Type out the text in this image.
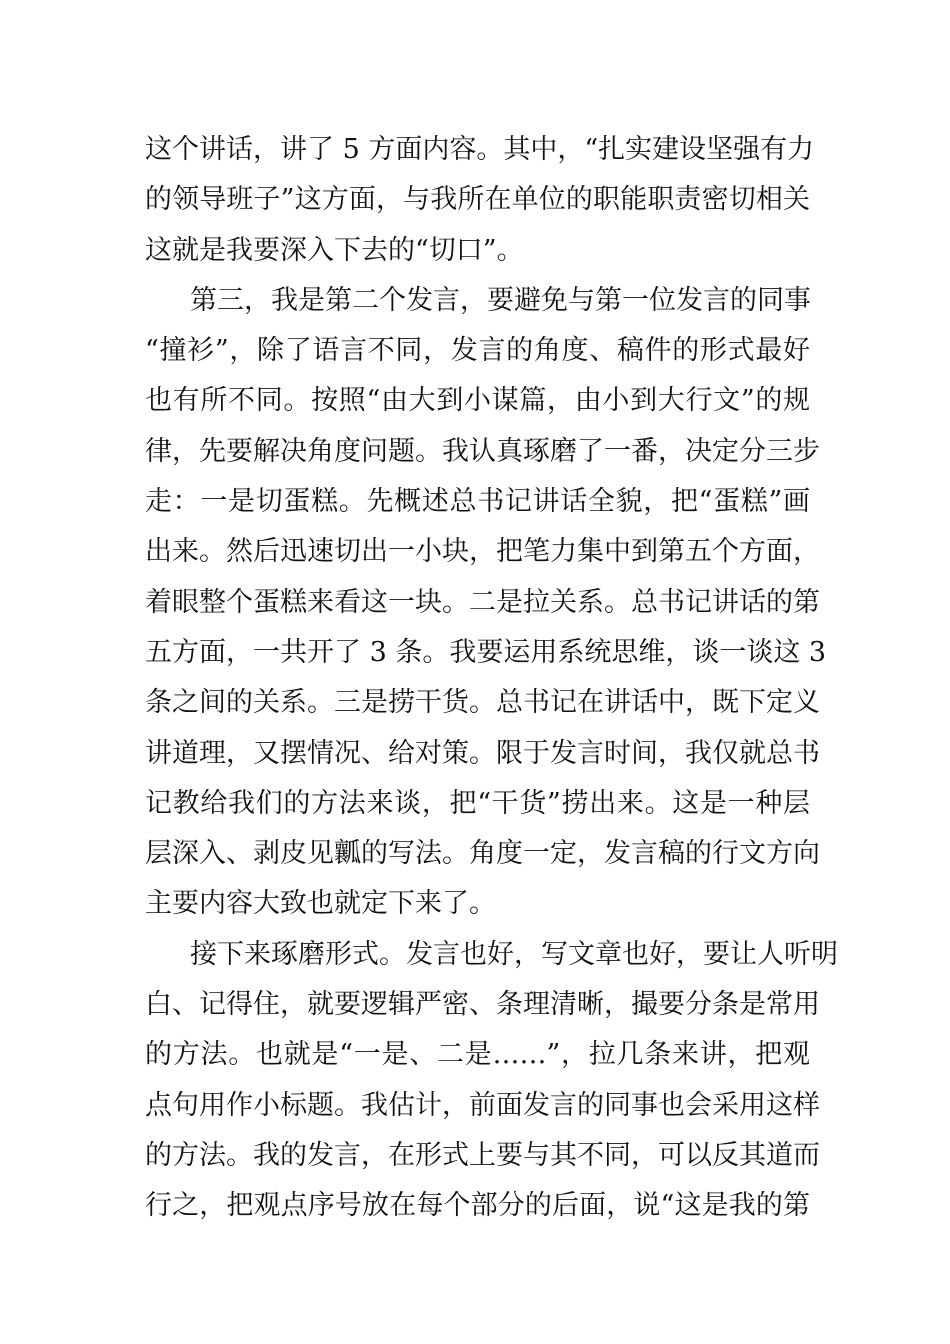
这个讲话，讲了 5 方面内容。其中，“扎实建设坚强有力
的领导班子”这方面，与我所在单位的职能职责密切相关
这就是我要深入下去的“切口”。
第三，我是第二个发言，要避免与第一位发言的同事
“撞衫”，除了语言不同，发言的角度、稿件的形式最好
也有所不同。按照“由大到小谋篇，由小到大行文”的规
律，先要解决角度问题。我认真琢磨了一番，决定分三步
走：一是切蛋糕。先概述总书记讲话全貌，把“蛋糕”画
出来。然后迅速切出一小块，把笔力集中到第五个方面，
着眼整个蛋糕来看这一块。二是拉关系。总书记讲话的第
五方面，一共开了 3 条。我要运用系统思维，谈一谈这 3
条之间的关系。三是捞干货。总书记在讲话中，既下定义
讲道理，又摆情况、给对策。限于发言时间，我仅就总书
记教给我们的方法来谈，把“干货”捞出来。这是一种层
层深入、剥皮见瓤的写法。角度一定，发言稿的行文方向
主要内容大致也就定下来了。
接下来琢磨形式。发言也好，写文章也好，要让人听明
白、记得住，就要逻辑严密、条理清晰，撮要分条是常用
的方法。也就是“一是、二是……”，拉几条来讲，把观
点句用作小标题。我估计，前面发言的同事也会采用这样
的方法。我的发言，在形式上要与其不同，可以反其道而
行之，把观点序号放在每个部分的后面，说“这是我的第
